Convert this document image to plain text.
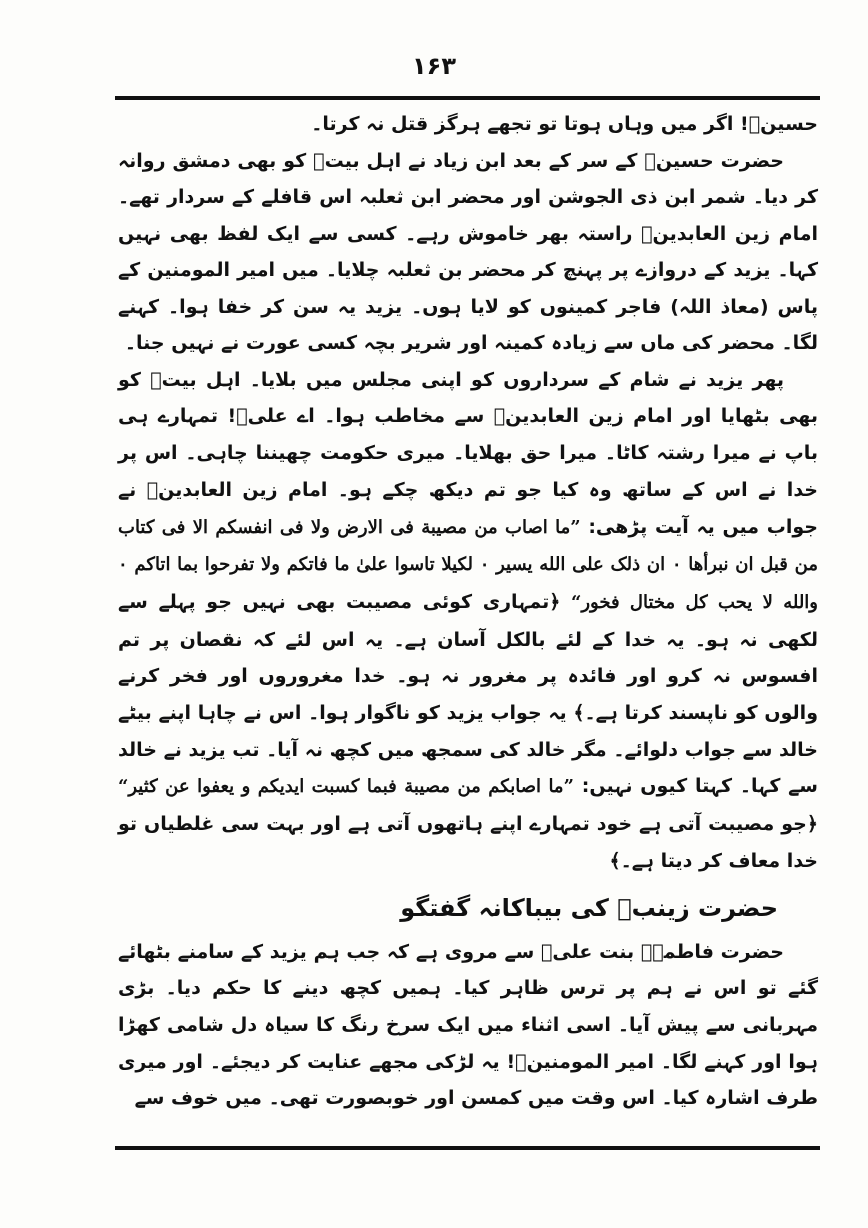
۱۶۳

حسینؑ! اگر میں وہاں ہوتا تو تجھے ہرگز قتل نہ کرتا۔

حضرت حسینؑ کے سر کے بعد ابن زیاد نے اہل بیتؑ کو بھی دمشق روانہ کر دیا۔ شمر ابن ذی الجوشن اور محضر ابن ثعلبہ اس قافلے کے سردار تھے۔ امام زین العابدینؑ راستہ بھر خاموش رہے۔ کسی سے ایک لفظ بھی نہیں کہا۔ یزید کے دروازے پر پہنچ کر محضر بن ثعلبہ چلایا۔ میں امیر المومنین کے پاس (معاذ اللہ) فاجر کمینوں کو لایا ہوں۔ یزید یہ سن کر خفا ہوا۔ کہنے لگا۔ محضر کی ماں سے زیادہ کمینہ اور شریر بچہ کسی عورت نے نہیں جنا۔

پھر یزید نے شام کے سرداروں کو اپنی مجلس میں بلایا۔ اہل بیتؑ کو بھی بٹھایا اور امام زین العابدینؑ سے مخاطب ہوا۔ اے علیؑ! تمہارے ہی باپ نے میرا رشتہ کاٹا۔ میرا حق بھلایا۔ میری حکومت چھیننا چاہی۔ اس پر خدا نے اس کے ساتھ وہ کیا جو تم دیکھ چکے ہو۔ امام زین العابدینؑ نے جواب میں یہ آیت پڑھی: ”ما اصاب من مصیبة فی الارض ولا فی انفسکم الا فی کتاب من قبل ان نبرأها ۰ ان ذلک علی الله یسیر ۰ لکیلا تاسوا علیٰ ما فاتکم ولا تفرحوا بما اتاکم ۰ والله لا یحب کل مختال فخور“ ﴿تمہاری کوئی مصیبت بھی نہیں جو پہلے سے لکھی نہ ہو۔ یہ خدا کے لئے بالکل آسان ہے۔ یہ اس لئے کہ نقصان پر تم افسوس نہ کرو اور فائدہ پر مغرور نہ ہو۔ خدا مغروروں اور فخر کرنے والوں کو ناپسند کرتا ہے۔﴾ یہ جواب یزید کو ناگوار ہوا۔ اس نے چاہا اپنے بیٹے خالد سے جواب دلوائے۔ مگر خالد کی سمجھ میں کچھ نہ آیا۔ تب یزید نے خالد سے کہا۔ کہتا کیوں نہیں: ”ما اصابکم من مصیبة فبما کسبت ایدیکم و یعفوا عن کثیر“ ﴿جو مصیبت آتی ہے خود تمہارے اپنے ہاتھوں آتی ہے اور بہت سی غلطیاں تو خدا معاف کر دیتا ہے۔﴾

حضرت زینبؑ کی بیباکانہ گفتگو

حضرت فاطمہؑ بنت علیؑ سے مروی ہے کہ جب ہم یزید کے سامنے بٹھائے گئے تو اس نے ہم پر ترس ظاہر کیا۔ ہمیں کچھ دینے کا حکم دیا۔ بڑی مہربانی سے پیش آیا۔ اسی اثناء میں ایک سرخ رنگ کا سیاہ دل شامی کھڑا ہوا اور کہنے لگا۔ امیر المومنینؑ! یہ لڑکی مجھے عنایت کر دیجئے۔ اور میری طرف اشارہ کیا۔ اس وقت میں کمسن اور خوبصورت تھی۔ میں خوف سے
